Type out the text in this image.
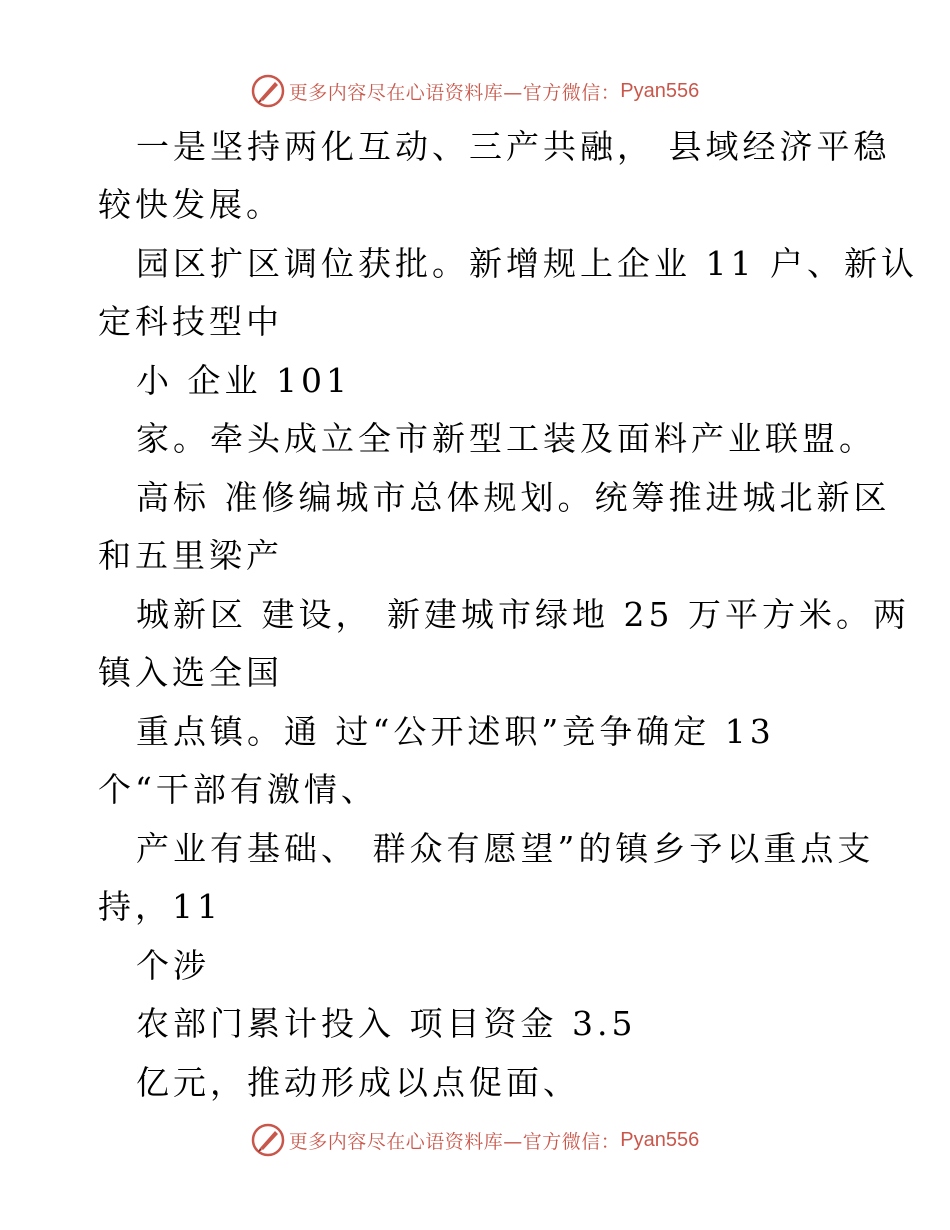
更多内容尽在心语资料库—官方微信： Pyan556
一是坚持两化互动、三产共融， 县域经济平稳
较快发展。
园区扩区调位获批。新增规上企业 11 户、新认
定科技型中
小 企业 101
家。牵头成立全市新型工装及面料产业联盟。
高标 准修编城市总体规划。统筹推进城北新区
和五里梁产
城新区 建设， 新建城市绿地 25 万平方米。两
镇入选全国
重点镇。通 过“公开述职”竞争确定 13
个“干部有激情、
产业有基础、 群众有愿望”的镇乡予以重点支
持，11
个涉
农部门累计投入 项目资金 3.5
亿元，推动形成以点促面、
更多内容尽在心语资料库—官方微信： Pyan556
